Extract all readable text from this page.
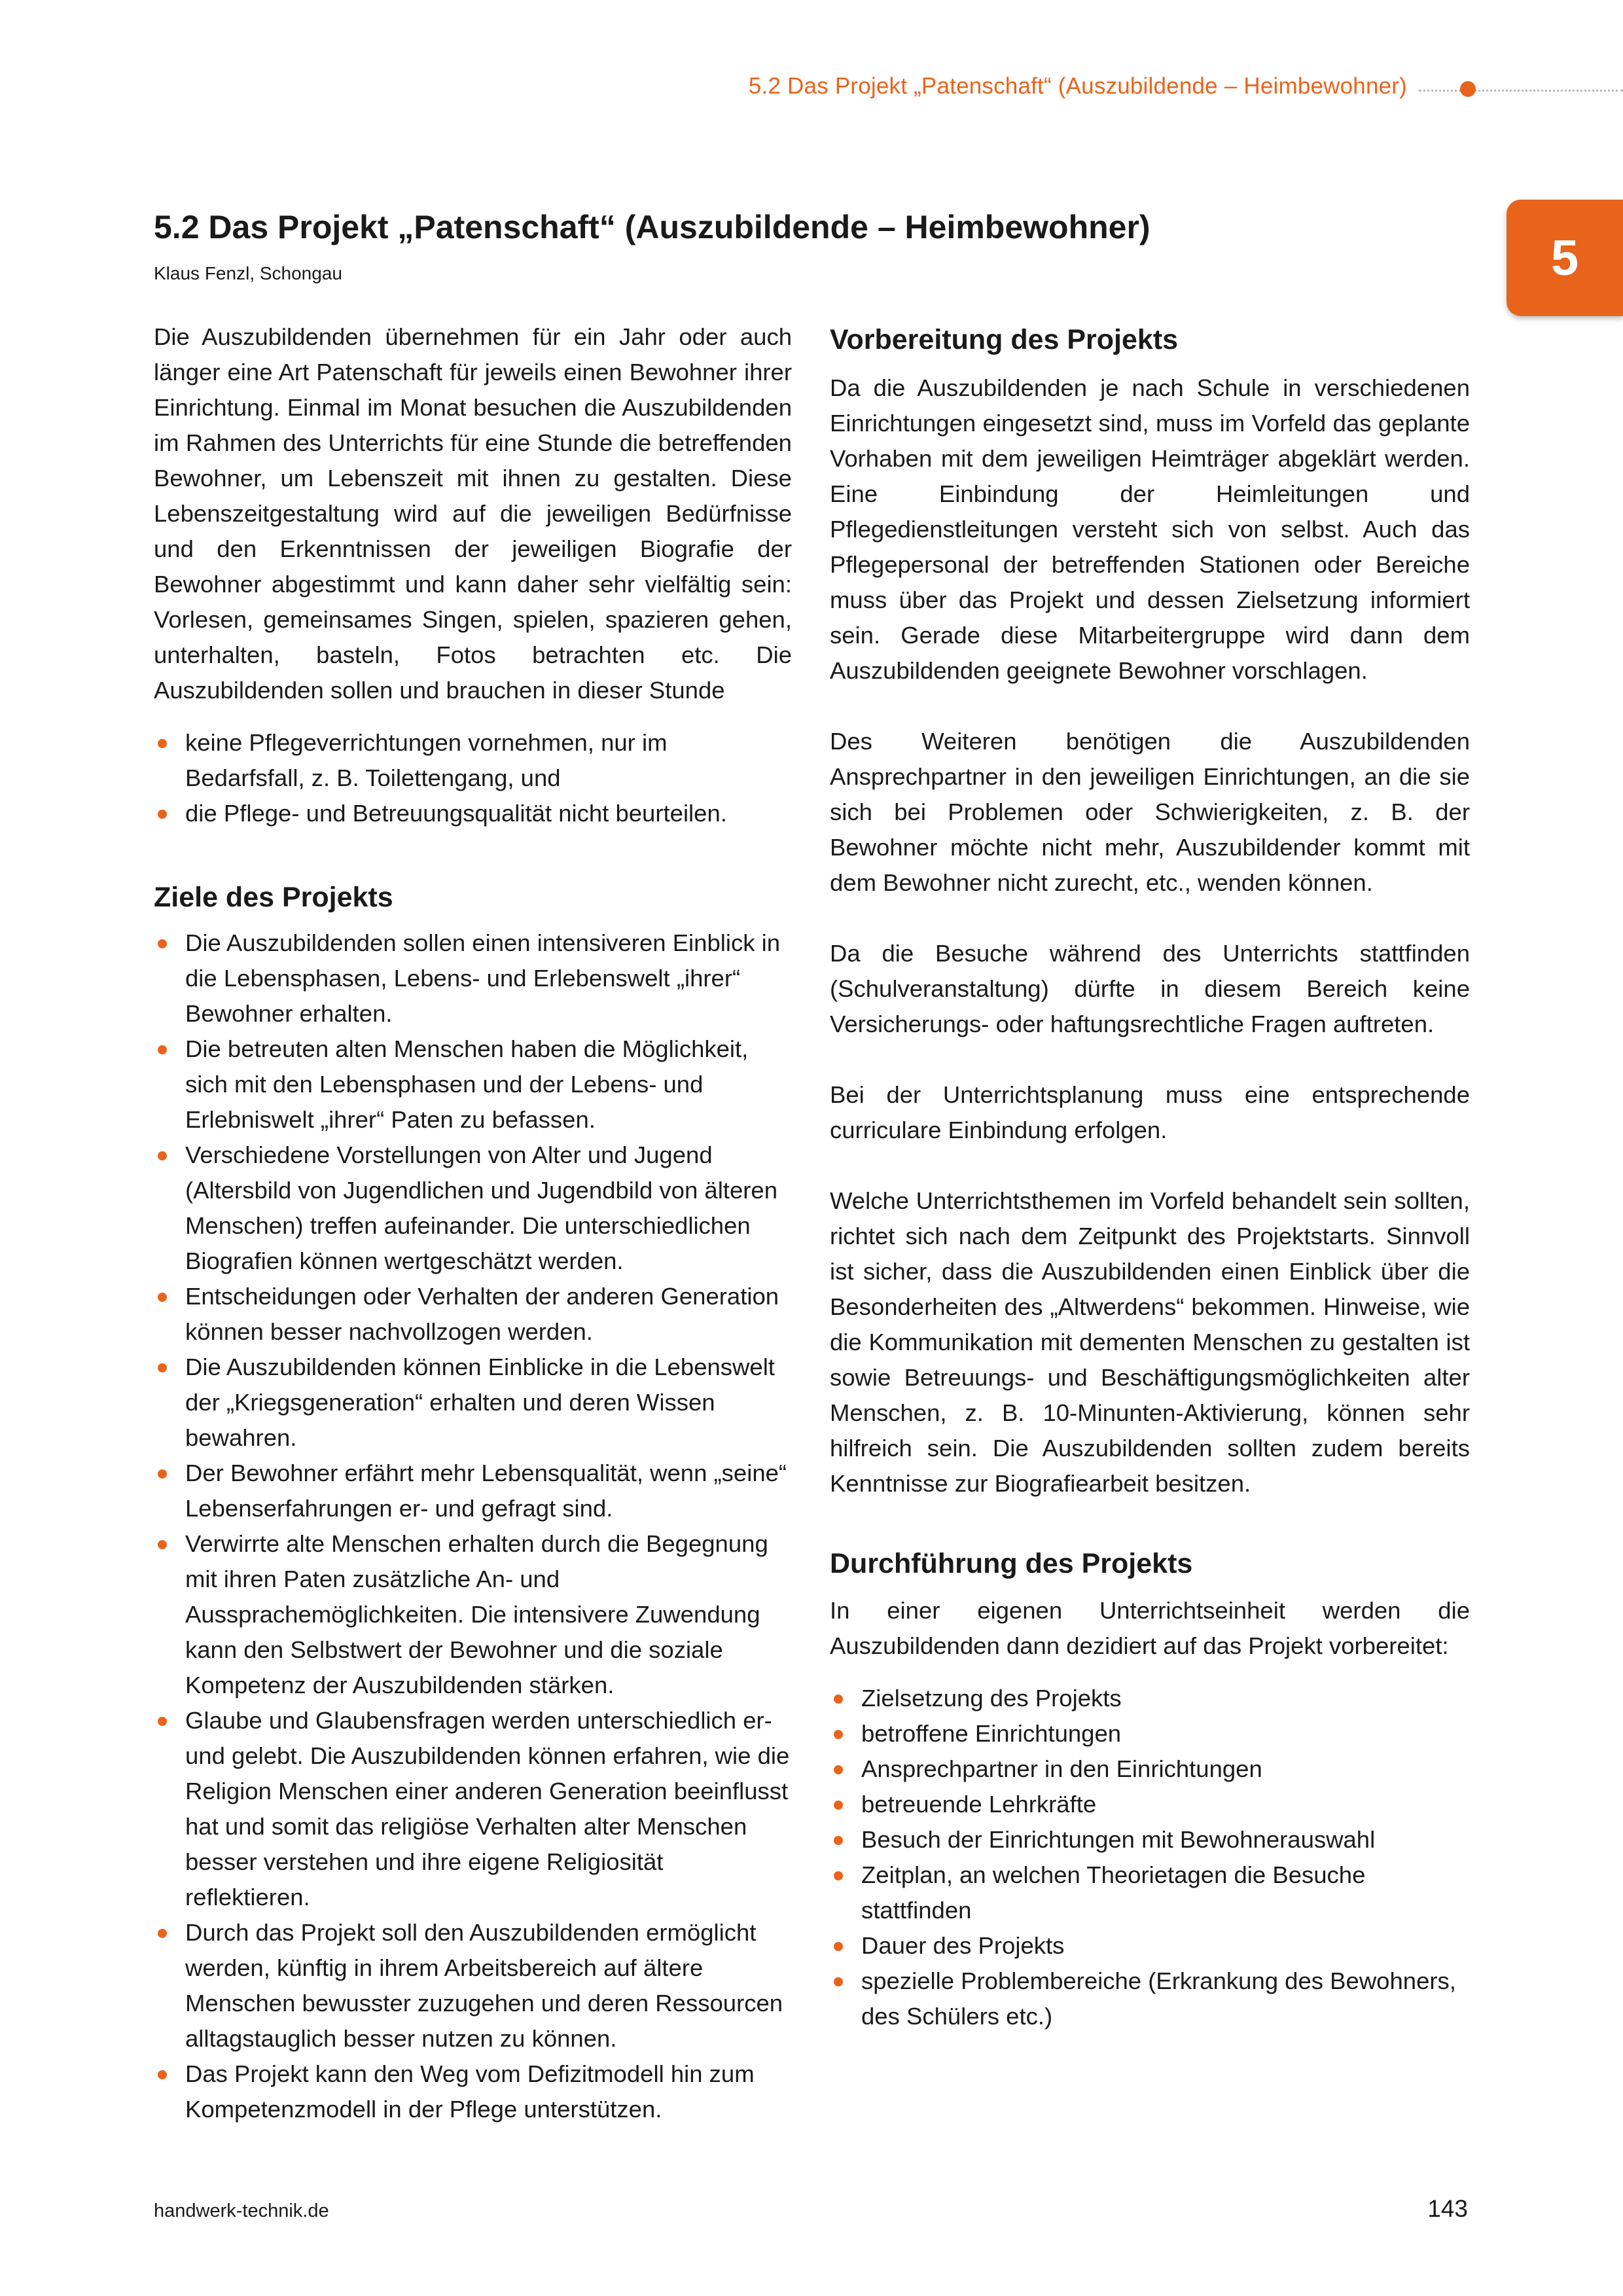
5.2 Das Projekt „Patenschaft“ (Auszubildende – Heimbewohner)
5
5.2 Das Projekt „Patenschaft“ (Auszubildende – Heimbewohner)
Klaus Fenzl, Schongau

Die Auszubildenden übernehmen für ein Jahr oder auch länger eine Art Patenschaft für jeweils einen Bewohner ihrer Einrichtung. Einmal im Monat besuchen die Auszubildenden im Rahmen des Unterrichts für eine Stunde die betreffenden Bewohner, um Lebenszeit mit ihnen zu gestalten. Diese Lebenszeitgestaltung wird auf die jeweiligen Bedürfnisse und den Erkenntnissen der jeweiligen Biografie der Bewohner abgestimmt und kann daher sehr vielfältig sein: Vorlesen, gemeinsames Singen, spielen, spazieren gehen, unterhalten, basteln, Fotos betrachten etc. Die Auszubildenden sollen und brauchen in dieser Stunde

keine Pflegeverrichtungen vornehmen, nur im Bedarfsfall, z. B. Toilettengang, und
die Pflege- und Betreuungsqualität nicht beurteilen.
Ziele des Projekts
Die Auszubildenden sollen einen intensiveren Einblick in die Lebensphasen, Lebens- und Erlebenswelt „ihrer“ Bewohner erhalten.
Die betreuten alten Menschen haben die Möglichkeit, sich mit den Lebensphasen und der Lebens- und Erlebniswelt „ihrer“ Paten zu befassen.
Verschiedene Vorstellungen von Alter und Jugend (Altersbild von Jugendlichen und Jugendbild von älteren Menschen) treffen aufeinander. Die unterschiedlichen Biografien können wertgeschätzt werden.
Entscheidungen oder Verhalten der anderen Generation können besser nachvollzogen werden.
Die Auszubildenden können Einblicke in die Lebenswelt der „Kriegsgeneration“ erhalten und deren Wissen bewahren.
Der Bewohner erfährt mehr Lebensqualität, wenn „seine“ Lebenserfahrungen er- und gefragt sind.
Verwirrte alte Menschen erhalten durch die Begegnung mit ihren Paten zusätzliche An- und Aussprachemöglichkeiten. Die intensivere Zuwendung kann den Selbstwert der Bewohner und die soziale Kompetenz der Auszubildenden stärken.
Glaube und Glaubensfragen werden unterschiedlich er- und gelebt. Die Auszubildenden können erfahren, wie die Religion Menschen einer anderen Generation beeinflusst hat und somit das religiöse Verhalten alter Menschen besser verstehen und ihre eigene Religiosität reflektieren.
Durch das Projekt soll den Auszubildenden ermöglicht werden, künftig in ihrem Arbeitsbereich auf ältere Menschen bewusster zuzugehen und deren Ressourcen alltagstauglich besser nutzen zu können.
Das Projekt kann den Weg vom Defizitmodell hin zum Kompetenzmodell in der Pflege unterstützen.
Vorbereitung des Projekts

Da die Auszubildenden je nach Schule in verschiedenen Einrichtungen eingesetzt sind, muss im Vorfeld das geplante Vorhaben mit dem jeweiligen Heimträger abgeklärt werden. Eine Einbindung der Heimleitungen und Pflegedienstleitungen versteht sich von selbst. Auch das Pflegepersonal der betreffenden Stationen oder Bereiche muss über das Projekt und dessen Zielsetzung informiert sein. Gerade diese Mitarbeitergruppe wird dann dem Auszubildenden geeignete Bewohner vorschlagen.

Des Weiteren benötigen die Auszubildenden Ansprechpartner in den jeweiligen Einrichtungen, an die sie sich bei Problemen oder Schwierigkeiten, z. B. der Bewohner möchte nicht mehr, Auszubildender kommt mit dem Bewohner nicht zurecht, etc., wenden können.

Da die Besuche während des Unterrichts stattfinden (Schulveranstaltung) dürfte in diesem Bereich keine Versicherungs- oder haftungsrechtliche Fragen auftreten.

Bei der Unterrichtsplanung muss eine entsprechende curriculare Einbindung erfolgen.

Welche Unterrichtsthemen im Vorfeld behandelt sein sollten, richtet sich nach dem Zeitpunkt des Projektstarts. Sinnvoll ist sicher, dass die Auszubildenden einen Einblick über die Besonderheiten des „Altwerdens“ bekommen. Hinweise, wie die Kommunikation mit dementen Menschen zu gestalten ist sowie Betreuungs- und Beschäftigungsmöglichkeiten alter Menschen, z. B. 10-Minunten-Aktivierung, können sehr hilfreich sein. Die Auszubildenden sollten zudem bereits Kenntnisse zur Biografiearbeit besitzen.

Durchführung des Projekts

In einer eigenen Unterrichtseinheit werden die Auszubildenden dann dezidiert auf das Projekt vorbereitet:

Zielsetzung des Projekts
betroffene Einrichtungen
Ansprechpartner in den Einrichtungen
betreuende Lehrkräfte
Besuch der Einrichtungen mit Bewohnerauswahl
Zeitplan, an welchen Theorietagen die Besuche stattfinden
Dauer des Projekts
spezielle Problembereiche (Erkrankung des Bewohners, des Schülers etc.)
handwerk-technik.de	143
